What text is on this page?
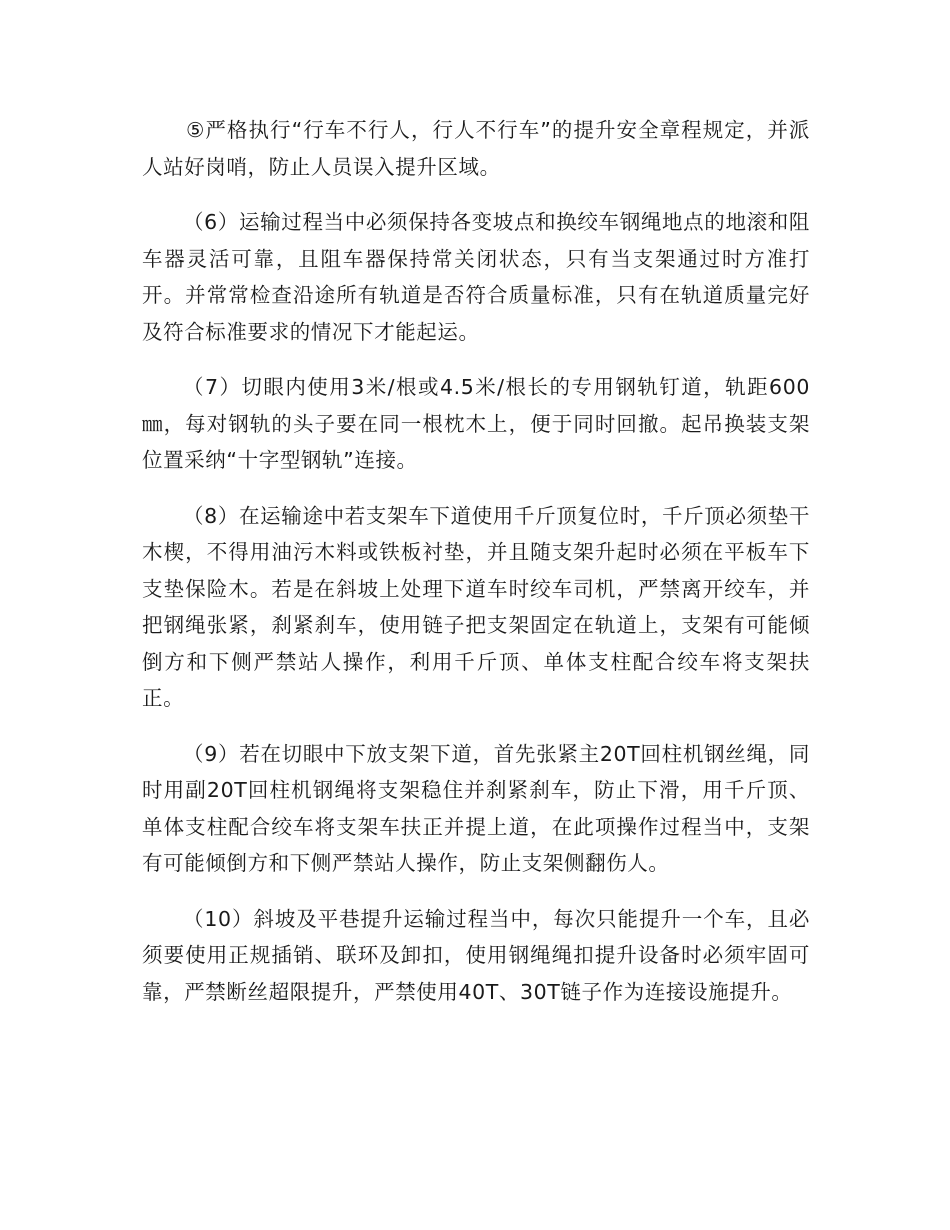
⑤严格执行“行车不行人，行人不行车”的提升安全章程规定，并派人站好岗哨，防止人员误入提升区域。

（6）运输过程当中必须保持各变坡点和换绞车钢绳地点的地滚和阻车器灵活可靠，且阻车器保持常关闭状态，只有当支架通过时方准打开。并常常检查沿途所有轨道是否符合质量标准，只有在轨道质量完好及符合标准要求的情况下才能起运。

（7）切眼内使用3米/根或4.5米/根长的专用钢轨钉道，轨距600㎜，每对钢轨的头子要在同一根枕木上，便于同时回撤。起吊换装支架位置采纳“十字型钢轨”连接。

（8）在运输途中若支架车下道使用千斤顶复位时，千斤顶必须垫干木楔，不得用油污木料或铁板衬垫，并且随支架升起时必须在平板车下支垫保险木。若是在斜坡上处理下道车时绞车司机，严禁离开绞车，并把钢绳张紧，刹紧刹车，使用链子把支架固定在轨道上，支架有可能倾倒方和下侧严禁站人操作，利用千斤顶、单体支柱配合绞车将支架扶正。

（9）若在切眼中下放支架下道，首先张紧主20T回柱机钢丝绳，同时用副20T回柱机钢绳将支架稳住并刹紧刹车，防止下滑，用千斤顶、单体支柱配合绞车将支架车扶正并提上道，在此项操作过程当中，支架有可能倾倒方和下侧严禁站人操作，防止支架侧翻伤人。

（10）斜坡及平巷提升运输过程当中，每次只能提升一个车，且必须要使用正规插销、联环及卸扣，使用钢绳绳扣提升设备时必须牢固可靠，严禁断丝超限提升，严禁使用40T、30T链子作为连接设施提升。
